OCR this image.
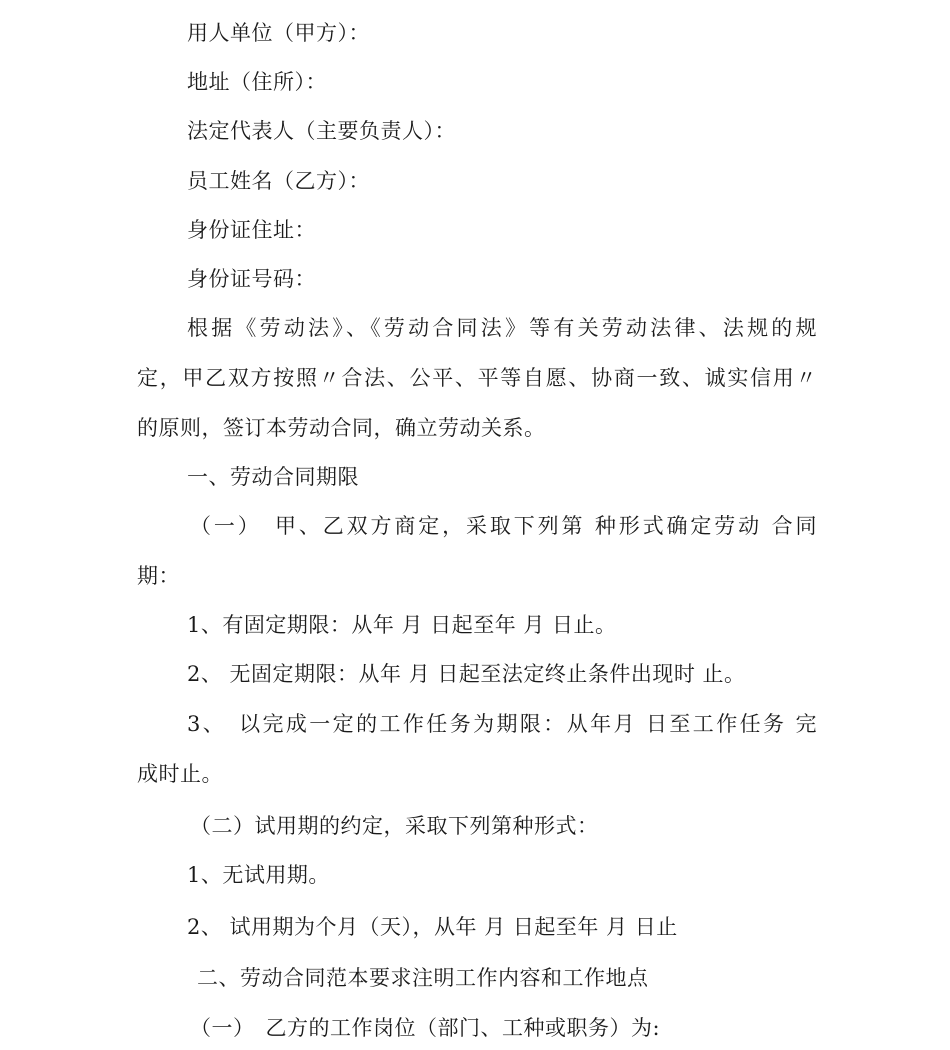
用人单位（甲方）：
地址（住所）：
法定代表人（主要负责人）：
员工姓名（乙方）：
身份证住址：
身份证号码：
根据《劳动法》、《劳动合同法》等有关劳动法律、法规的规
定，甲乙双方按照〃合法、公平、平等自愿、协商一致、诚实信用〃
的原则，签订本劳动合同，确立劳动关系。
一、劳动合同期限
（一）　甲、乙双方商定，采取下列第 种形式确定劳动 合同
期：
1、有固定期限：从年 月 日起至年 月 日止。
2、 无固定期限：从年 月 日起至法定终止条件出现时 止。
3、　以完成一定的工作任务为期限：从年月 日至工作任务 完
成时止。
（二）试用期的约定，采取下列第种形式：
1、无试用期。
2、 试用期为个月（天），从年 月 日起至年 月 日止
二、劳动合同范本要求注明工作内容和工作地点
（一）　乙方的工作岗位（部门、工种或职务）为:
